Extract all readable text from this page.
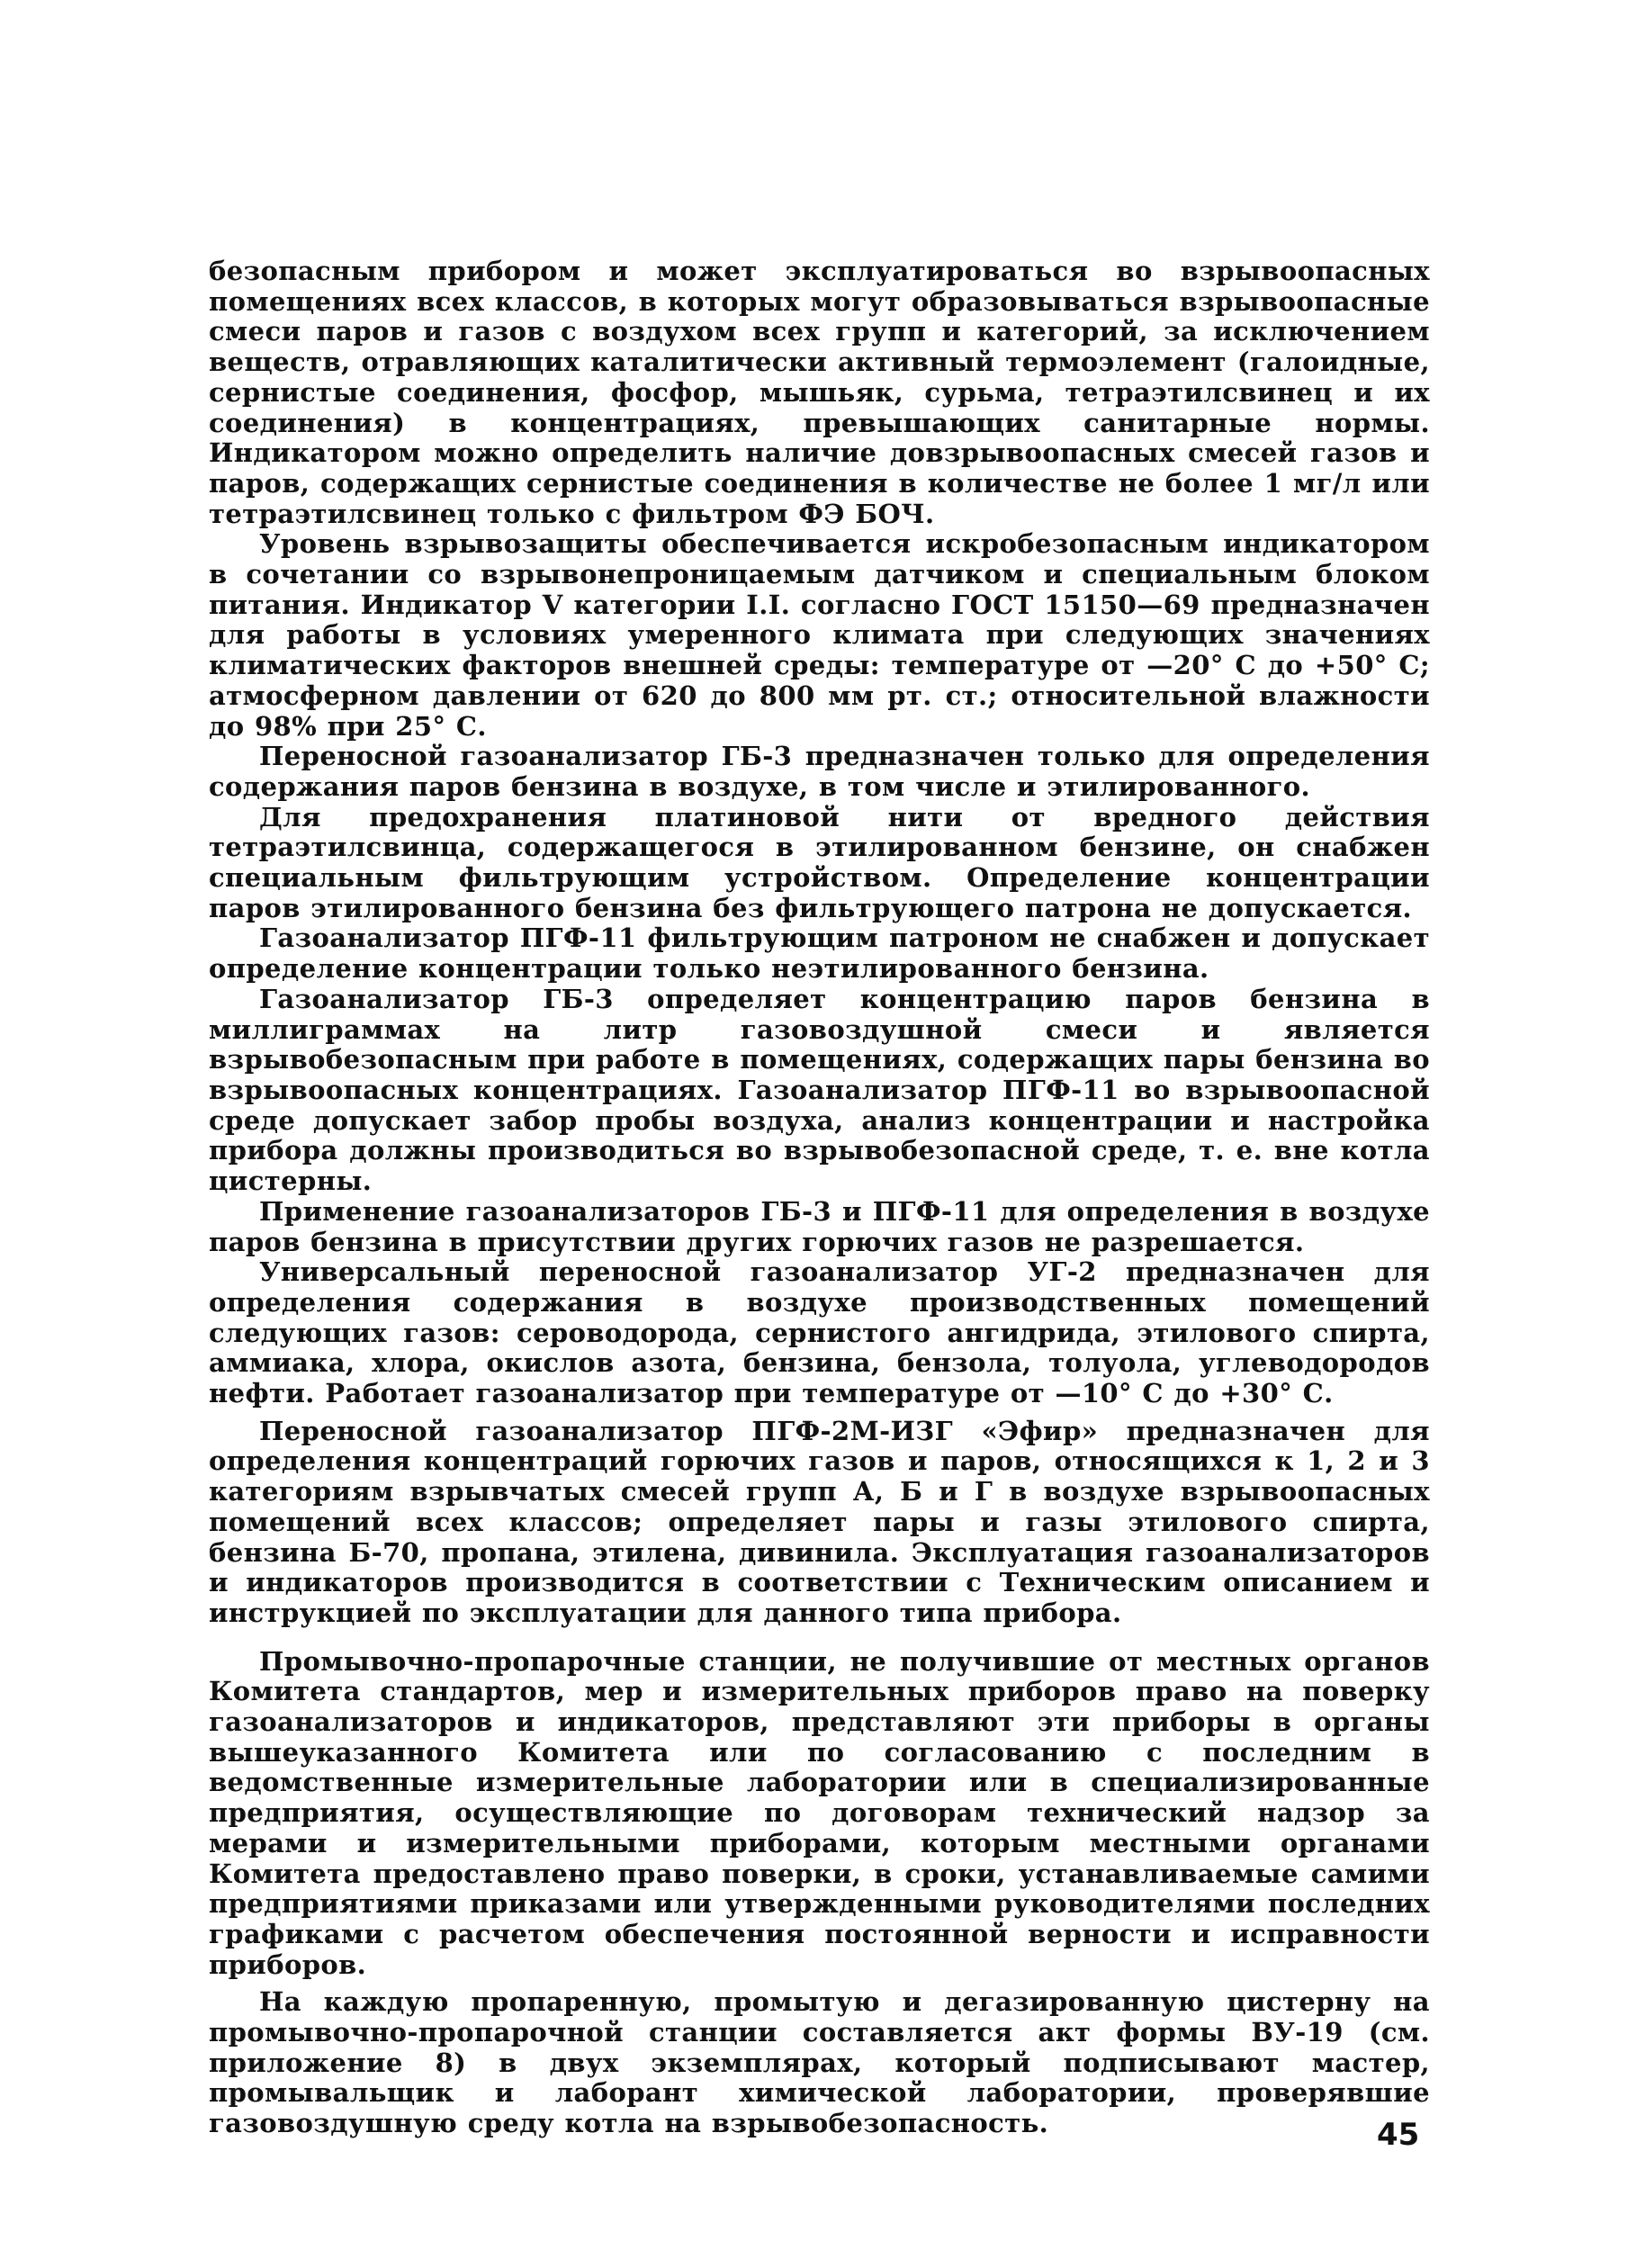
безопасным прибором и может эксплуатироваться во взрывоопасных помещениях всех классов, в которых могут образовываться взрывоопасные смеси паров и газов с воздухом всех групп и категорий, за исключением веществ, отравляющих каталитически активный термоэлемент (галоидные, сернистые соединения, фосфор, мышьяк, сурьма, тетраэтилсвинец и их соединения) в концентрациях, превышающих санитарные нормы. Индикатором можно определить наличие довзрывоопасных смесей газов и паров, содержащих сернистые соединения в количестве не более 1 мг/л или тетраэтилсвинец только с фильтром ФЭ БОЧ.

Уровень взрывозащиты обеспечивается искробезопасным индикатором в сочетании со взрывонепроницаемым датчиком и специальным блоком питания. Индикатор V категории I.I. согласно ГОСТ 15150—69 предназначен для работы в условиях умеренного климата при следующих значениях климатических факторов внешней среды: температуре от —20° С до +50° С; атмосферном давлении от 620 до 800 мм рт. ст.; относительной влажности до 98% при 25° С.

Переносной газоанализатор ГБ-3 предназначен только для определения содержания паров бензина в воздухе, в том числе и этилированного.

Для предохранения платиновой нити от вредного действия тетраэтилсвинца, содержащегося в этилированном бензине, он снабжен специальным фильтрующим устройством. Определение концентрации паров этилированного бензина без фильтрующего патрона не допускается.

Газоанализатор ПГФ-11 фильтрующим патроном не снабжен и допускает определение концентрации только неэтилированного бензина.

Газоанализатор ГБ-3 определяет концентрацию паров бензина в миллиграммах на литр газовоздушной смеси и является взрывобезопасным при работе в помещениях, содержащих пары бензина во взрывоопасных концентрациях. Газоанализатор ПГФ-11 во взрывоопасной среде допускает забор пробы воздуха, анализ концентрации и настройка прибора должны производиться во взрывобезопасной среде, т. е. вне котла цистерны.

Применение газоанализаторов ГБ-3 и ПГФ-11 для определения в воздухе паров бензина в присутствии других горючих газов не разрешается.

Универсальный переносной газоанализатор УГ-2 предназначен для определения содержания в воздухе производственных помещений следующих газов: сероводорода, сернистого ангидрида, этилового спирта, аммиака, хлора, окислов азота, бензина, бензола, толуола, углеводородов нефти. Работает газоанализатор при температуре от —10° С до +30° С.

Переносной газоанализатор ПГФ-2М-ИЗГ «Эфир» предназначен для определения концентраций горючих газов и паров, относящихся к 1, 2 и 3 категориям взрывчатых смесей групп А, Б и Г в воздухе взрывоопасных помещений всех классов; определяет пары и газы этилового спирта, бензина Б-70, пропана, этилена, дивинила. Эксплуатация газоанализаторов и индикаторов производится в соответствии с Техническим описанием и инструкцией по эксплуатации для данного типа прибора.

Промывочно-пропарочные станции, не получившие от местных органов Комитета стандартов, мер и измерительных приборов право на поверку газоанализаторов и индикаторов, представляют эти приборы в органы вышеуказанного Комитета или по согласованию с последним в ведомственные измерительные лаборатории или в специализированные предприятия, осуществляющие по договорам технический надзор за мерами и измерительными приборами, которым местными органами Комитета предоставлено право поверки, в сроки, устанавливаемые самими предприятиями приказами или утвержденными руководителями последних графиками с расчетом обеспечения постоянной верности и исправности приборов.

На каждую пропаренную, промытую и дегазированную цистерну на промывочно-пропарочной станции составляется акт формы ВУ-19 (см. приложение 8) в двух экземплярах, который подписывают мастер, промывальщик и лаборант химической лаборатории, проверявшие газовоздушную среду котла на взрывобезопасность.	45
